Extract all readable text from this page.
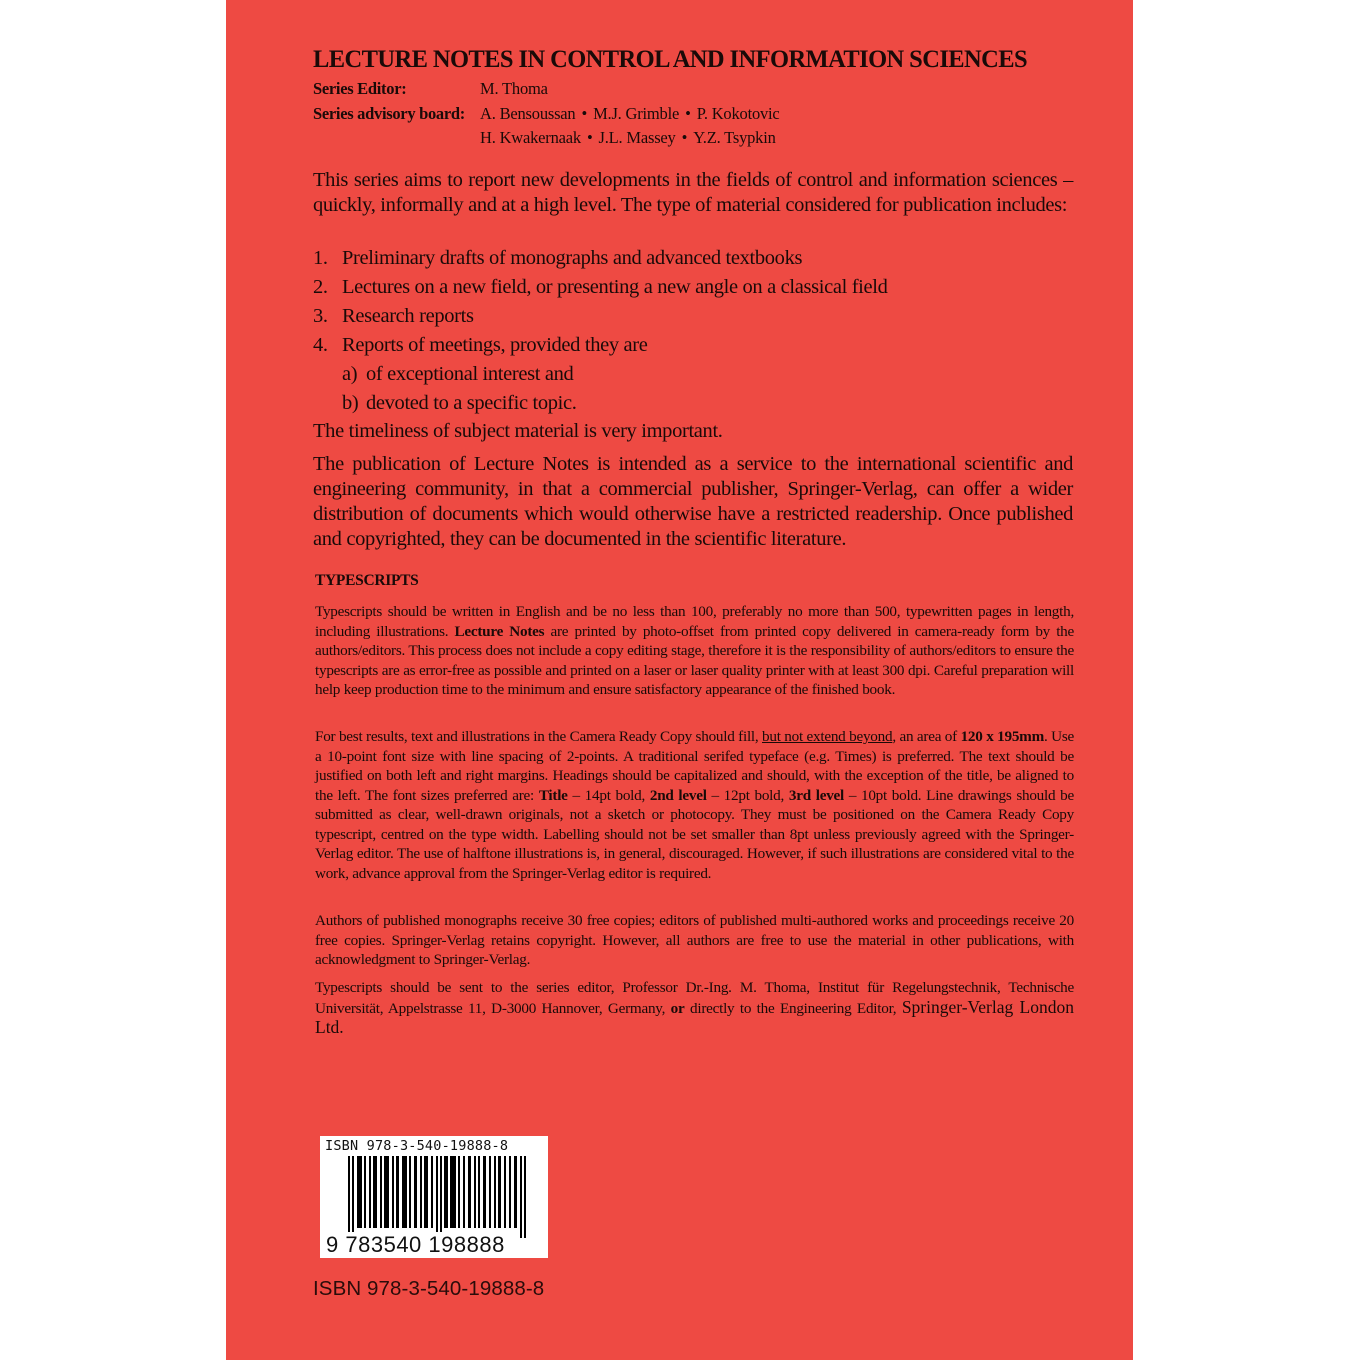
LECTURE NOTES IN CONTROL AND INFORMATION SCIENCES
Series Editor:	M. Thoma
Series advisory board: A. Bensoussan • M.J. Grimble • P. Kokotovic
H. Kwakernaak • J.L. Massey • Y.Z. Tsypkin
This series aims to report new developments in the fields of control and information sciences – quickly, informally and at a high level. The type of material considered for publication includes:
1. Preliminary drafts of monographs and advanced textbooks
2. Lectures on a new field, or presenting a new angle on a classical field
3. Research reports
4. Reports of meetings, provided they are
a) of exceptional interest and
b) devoted to a specific topic.
The timeliness of subject material is very important.
The publication of Lecture Notes is intended as a service to the international scientific and engineering community, in that a commercial publisher, Springer-Verlag, can offer a wider distribution of documents which would otherwise have a restricted readership. Once published and copyrighted, they can be documented in the scientific literature.
TYPESCRIPTS
Typescripts should be written in English and be no less than 100, preferably no more than 500, typewritten pages in length, including illustrations. Lecture Notes are printed by photo-offset from printed copy delivered in camera-ready form by the authors/editors. This process does not include a copy editing stage, therefore it is the responsibility of authors/editors to ensure the typescripts are as error-free as possible and printed on a laser or laser quality printer with at least 300 dpi. Careful preparation will help keep production time to the minimum and ensure satisfactory appearance of the finished book.
For best results, text and illustrations in the Camera Ready Copy should fill, but not extend beyond, an area of 120 x 195mm. Use a 10-point font size with line spacing of 2-points. A traditional serifed typeface (e.g. Times) is preferred. The text should be justified on both left and right margins. Headings should be capitalized and should, with the exception of the title, be aligned to the left. The font sizes preferred are: Title – 14pt bold, 2nd level – 12pt bold, 3rd level – 10pt bold. Line drawings should be submitted as clear, well-drawn originals, not a sketch or photocopy. They must be positioned on the Camera Ready Copy typescript, centred on the type width. Labelling should not be set smaller than 8pt unless previously agreed with the Springer-Verlag editor. The use of halftone illustrations is, in general, discouraged. However, if such illustrations are considered vital to the work, advance approval from the Springer-Verlag editor is required.
Authors of published monographs receive 30 free copies; editors of published multi-authored works and proceedings receive 20 free copies. Springer-Verlag retains copyright. However, all authors are free to use the material in other publications, with acknowledgment to Springer-Verlag.
Typescripts should be sent to the series editor, Professor Dr.-Ing. M. Thoma, Institut für Regelungstechnik, Technische Universität, Appelstrasse 11, D-3000 Hannover, Germany, or directly to the Engineering Editor, Springer-Verlag London Ltd.
ISBN 978-3-540-19888-8
9 783540 198888
ISBN 978-3-540-19888-8
